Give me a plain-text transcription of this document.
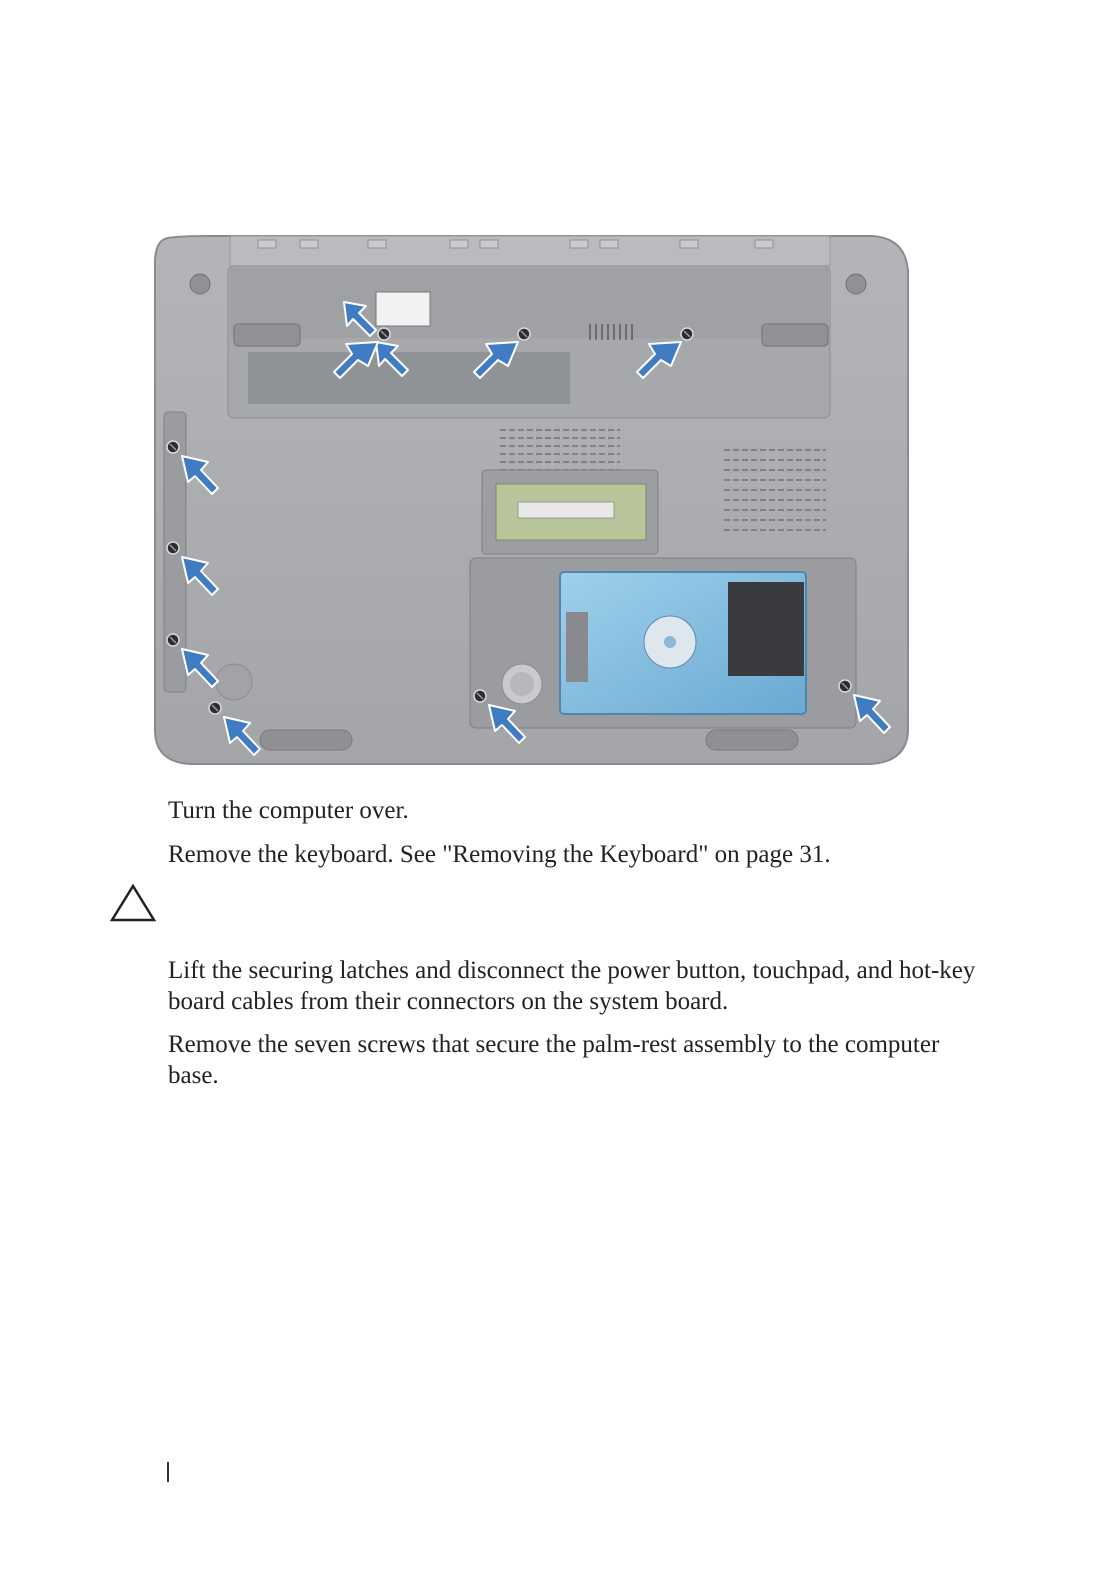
Turn the computer over.

Remove the keyboard. See "Removing the Keyboard" on page 31.

Lift the securing latches and disconnect the power button, touchpad, and hot-key board cables from their connectors on the system board.

Remove the seven screws that secure the palm-rest assembly to the computer base.
